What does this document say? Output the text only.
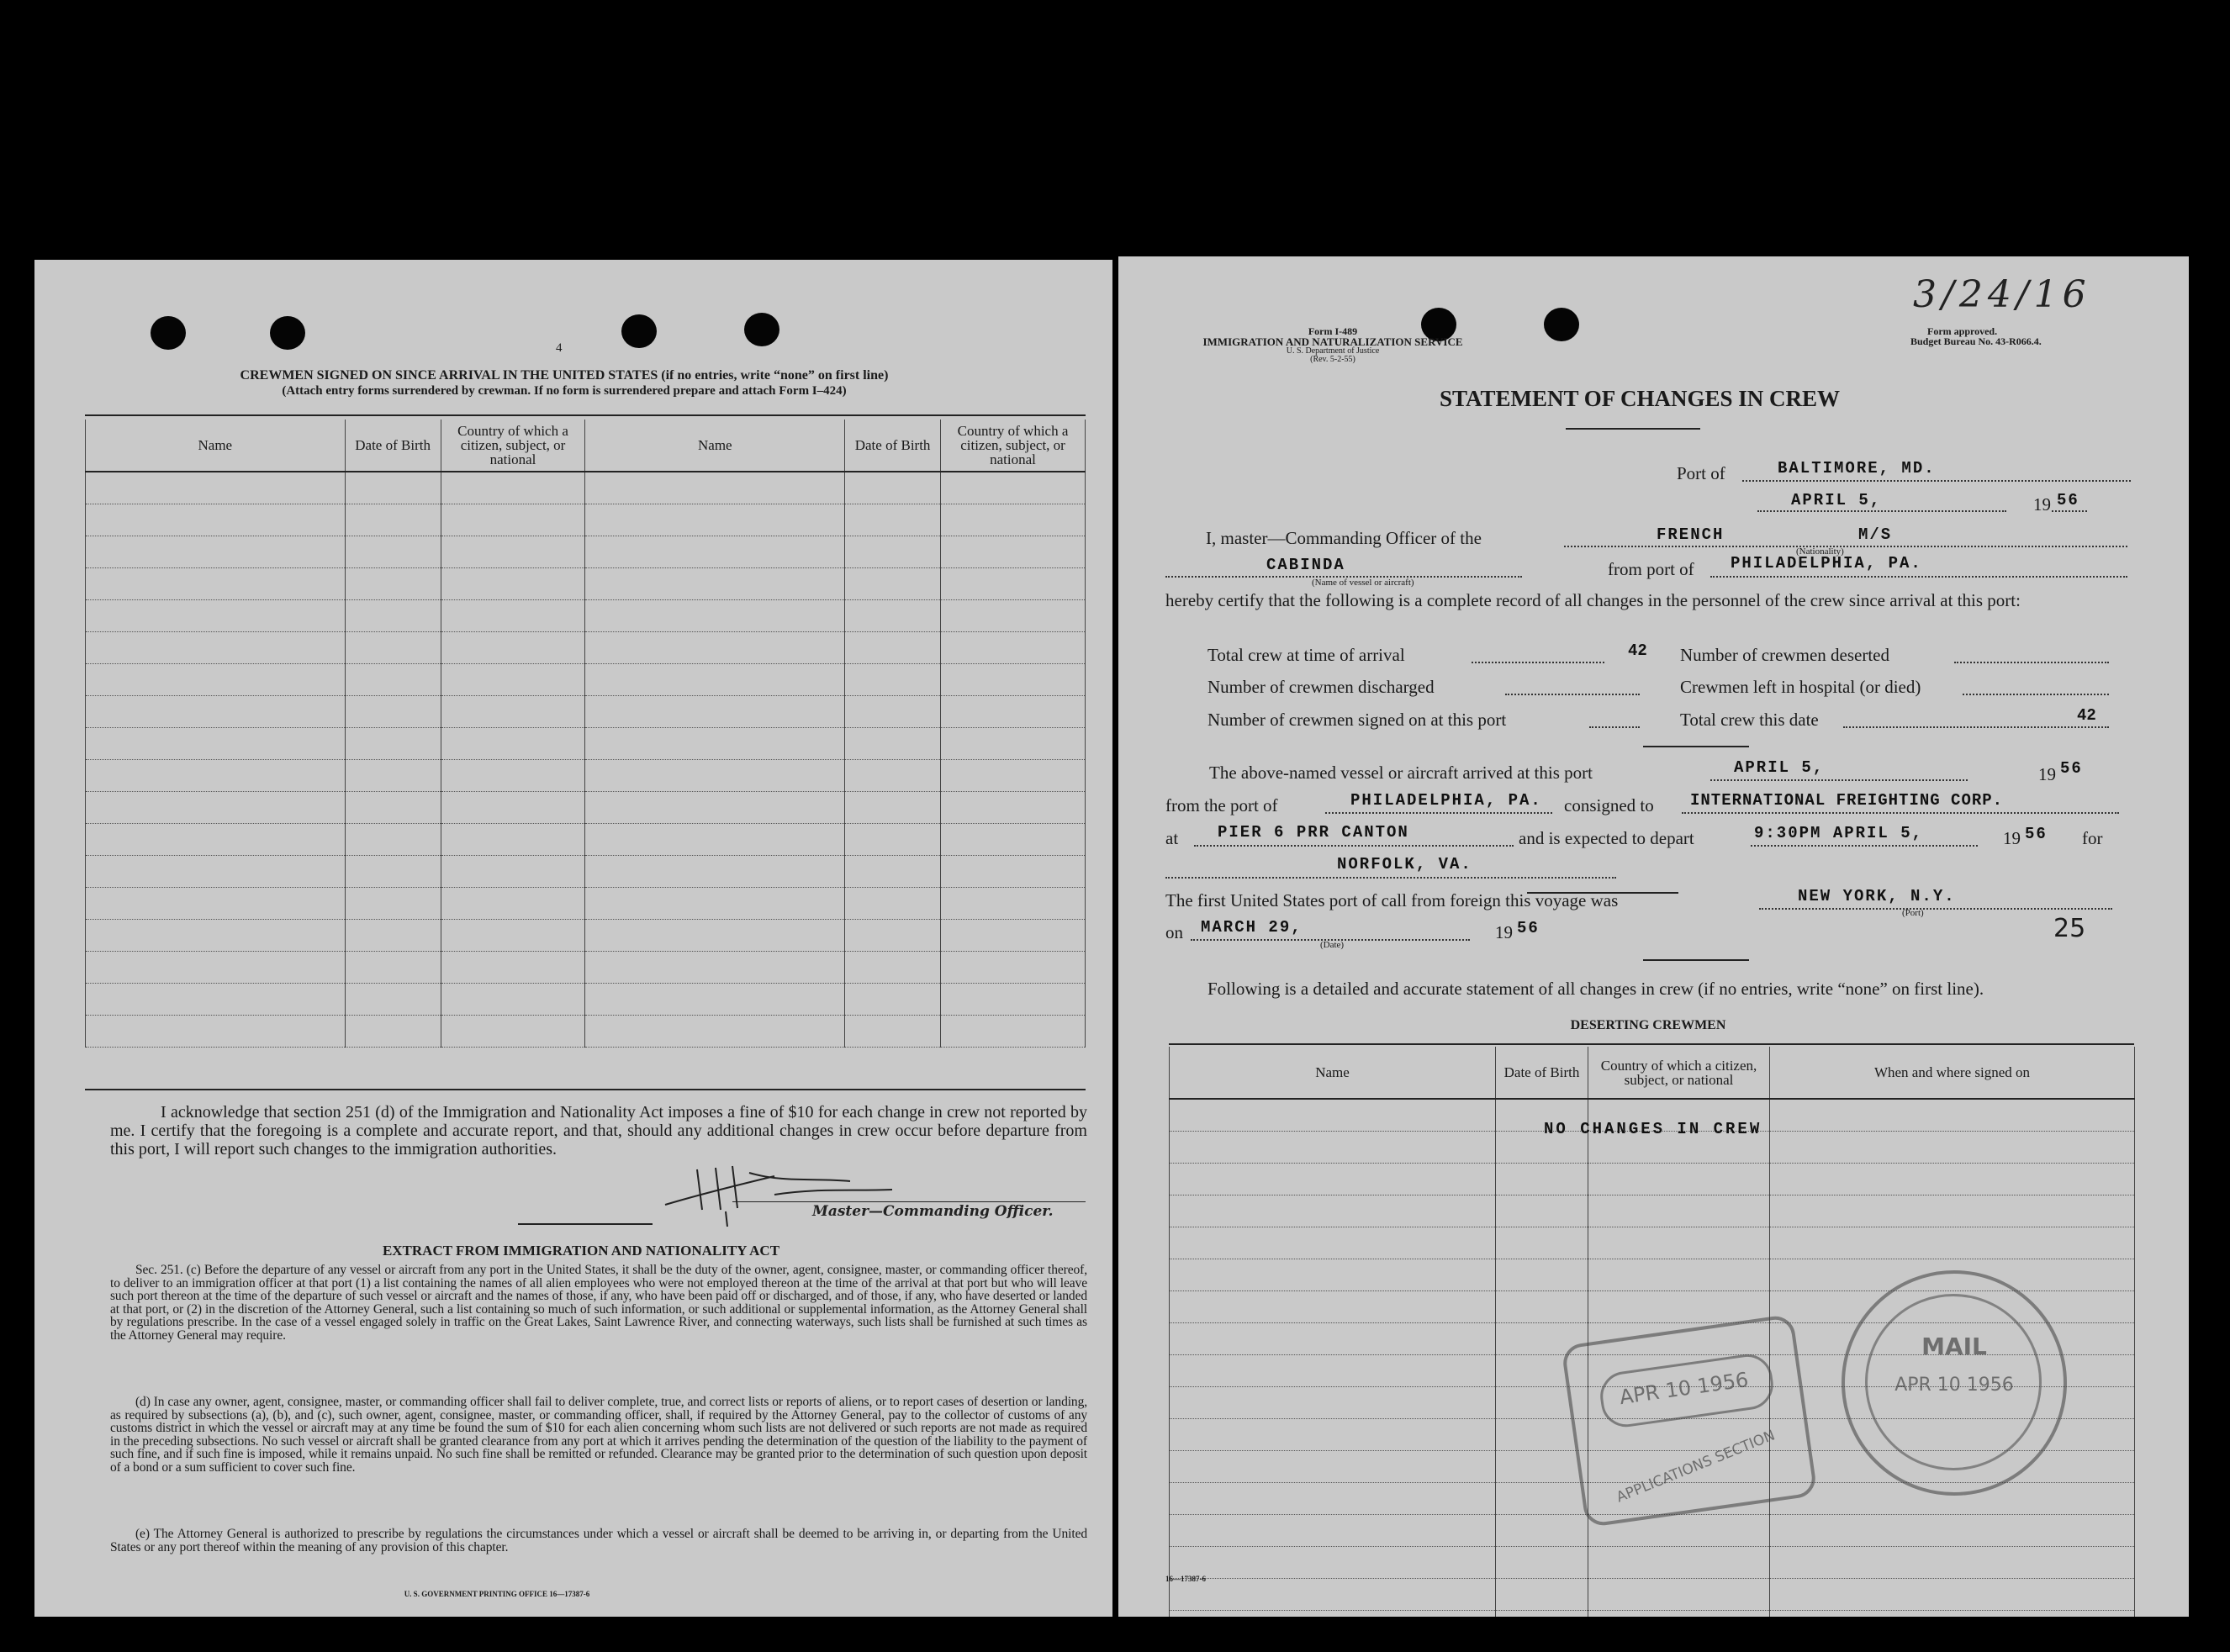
4
CREWMEN SIGNED ON SINCE ARRIVAL IN THE UNITED STATES (if no entries, write “none” on first line)
(Attach entry forms surrendered by crewman. If no form is surrendered prepare and attach Form I–424)
Name	Date of Birth	Country of which a citizen, subject, or national	Name	Date of Birth	Country of which a citizen, subject, or national

I acknowledge that section 251 (d) of the Immigration and Nationality Act imposes a fine of $10 for each change in crew not reported by me. I certify that the foregoing is a complete and accurate report, and that, should any additional changes in crew occur before departure from this port, I will report such changes to the immigration authorities.
Master—Commanding Officer.
EXTRACT FROM IMMIGRATION AND NATIONALITY ACT
Sec. 251. (c) Before the departure of any vessel or aircraft from any port in the United States, it shall be the duty of the owner, agent, consignee, master, or commanding officer thereof, to deliver to an immigration officer at that port (1) a list containing the names of all alien employees who were not employed thereon at the time of the arrival at that port but who will leave such port thereon at the time of the departure of such vessel or aircraft and the names of those, if any, who have been paid off or discharged, and of those, if any, who have deserted or landed at that port, or (2) in the discretion of the Attorney General, such a list containing so much of such information, or such additional or supplemental information, as the Attorney General shall by regulations prescribe. In the case of a vessel engaged solely in traffic on the Great Lakes, Saint Lawrence River, and connecting waterways, such lists shall be furnished at such times as the Attorney General may require.
(d) In case any owner, agent, consignee, master, or commanding officer shall fail to deliver complete, true, and correct lists or reports of aliens, or to report cases of desertion or landing, as required by subsections (a), (b), and (c), such owner, agent, consignee, master, or commanding officer, shall, if required by the Attorney General, pay to the collector of customs of any customs district in which the vessel or aircraft may at any time be found the sum of $10 for each alien concerning whom such lists are not delivered or such reports are not made as required in the preceding subsections. No such vessel or aircraft shall be granted clearance from any port at which it arrives pending the determination of the question of the liability to the payment of such fine, and if such fine is imposed, while it remains unpaid. No such fine shall be remitted or refunded. Clearance may be granted prior to the determination of such question upon deposit of a bond or a sum sufficient to cover such fine.
(e) The Attorney General is authorized to prescribe by regulations the circumstances under which a vessel or aircraft shall be deemed to be arriving in, or departing from the United States or any port thereof within the meaning of any provision of this chapter.
U. S. GOVERNMENT PRINTING OFFICE 16—17387-6
3/24/16
Form I-489
IMMIGRATION AND NATURALIZATION SERVICE
U. S. Department of Justice
(Rev. 5-2-55)
Form approved.
Budget Bureau No. 43-R066.4.
STATEMENT OF CHANGES IN CREW
Port of	BALTIMORE, MD.
APRIL 5,	19 56
I, master—Commanding Officer of the	FRENCH	M/S
(Nationality)
CABINDA
(Name of vessel or aircraft)
from port of PHILADELPHIA, PA.
hereby certify that the following is a complete record of all changes in the personnel of the crew since arrival at this port:
Total crew at time of arrival	42
Number of crewmen discharged
Number of crewmen signed on at this port
Number of crewmen deserted
Crewmen left in hospital (or died)
Total crew this date	42
The above-named vessel or aircraft arrived at this port	APRIL 5,	19 56
from the port of	PHILADELPHIA, PA. consigned to INTERNATIONAL FREIGHTING CORP.
at PIER 6 PRR CANTON	and is expected to depart	9:30PM APRIL 5,	19 56 for
NORFOLK, VA.
The first United States port of call from foreign this voyage was	NEW YORK, N.Y.
(Port)
on MARCH 29,
(Date)
19 56	25
Following is a detailed and accurate statement of all changes in crew (if no entries, write “none” on first line).
DESERTING CREWMEN
Name	Date of Birth	Country of which a citizen, subject, or national	When and where signed on

NO CHANGES IN CREW
APR 10 1956
APPLICATIONS SECTION
MAIL
APR 10 1956
16—17387-6
